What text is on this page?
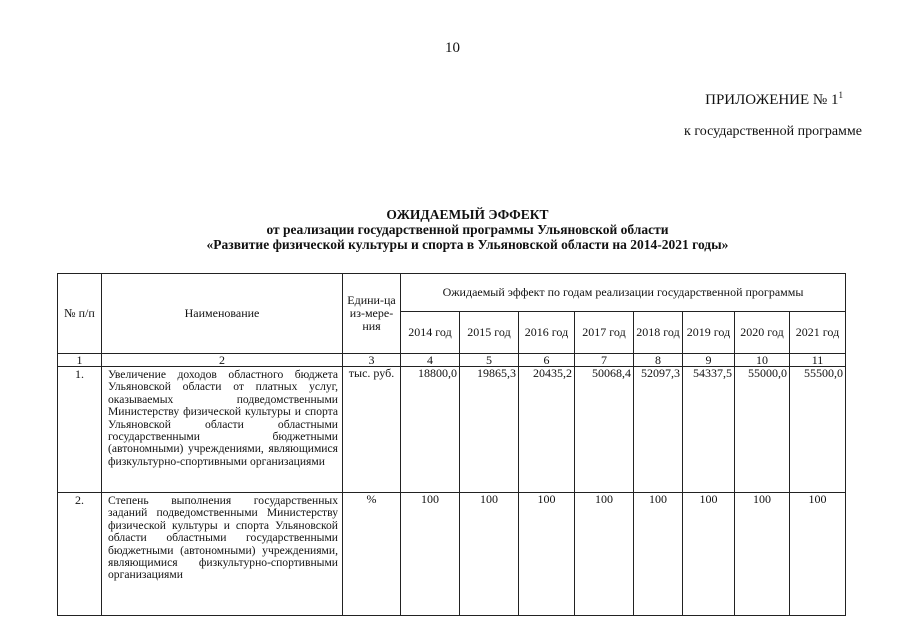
10
ПРИЛОЖЕНИЕ № $1^1$
к государственной программе
ОЖИДАЕМЫЙ ЭФФЕКТ
от реализации государственной программы Ульяновской области
«Развитие физической культуры и спорта в Ульяновской области на 2014-2021 годы»
№ п/п	Наименование	Едини-ца из-мере-ния	Ожидаемый эффект по годам реализации государственной программы							
			2014 год	2015 год	2016 год	2017 год	2018 год	2019 год	2020 год	2021 год
1	2	3	4	5	6	7	8	9	10	11
1.	Увеличение доходов областного бюджета Ульяновской области от платных услуг, оказываемых подведомственными Министерству физической культуры и спорта Ульяновской области областными государственными бюджетными (автономными) учреждениями, являющимися физкультурно-спортивными организациями	тыс. руб.	18800,0	19865,3	20435,2	50068,4	52097,3	54337,5	55000,0	55500,0
2.	Степень выполнения государственных заданий подведомственными Министерству физической культуры и спорта Ульяновской области областными государственными бюджетными (автономными) учреждениями, являющимися физкультурно-спортивными организациями	%	100	100	100	100	100	100	100	100
